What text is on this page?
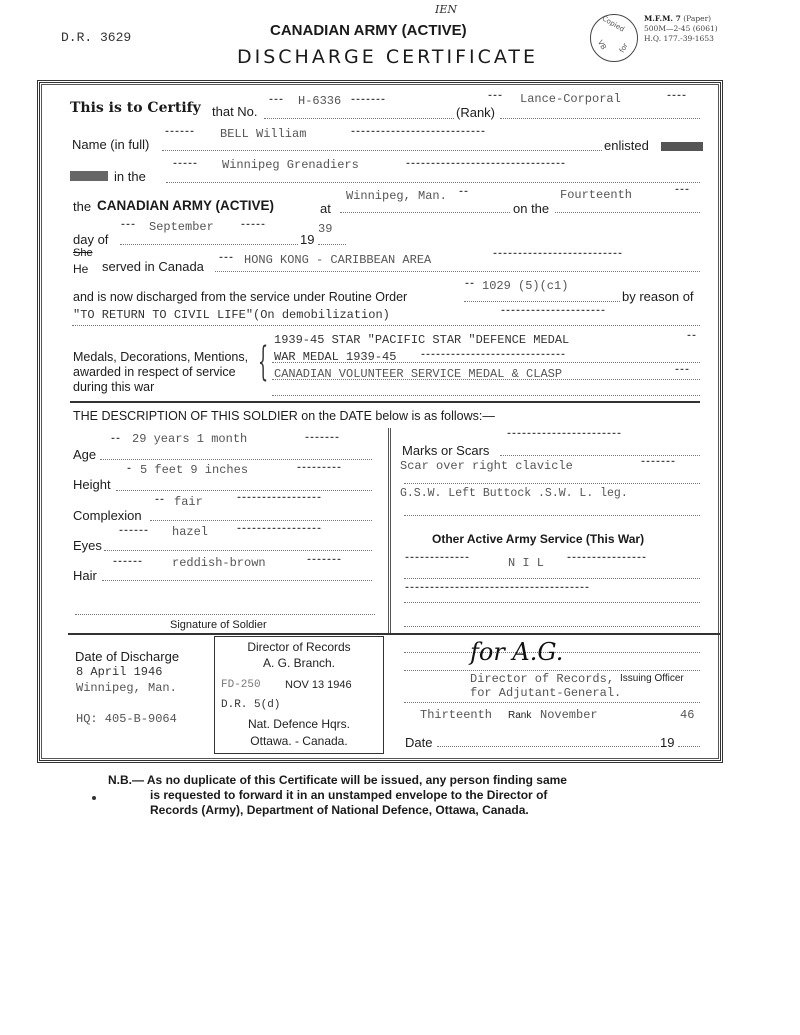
D.R. 3629	CANADIAN ARMY (ACTIVE)
DISCHARGE CERTIFICATE
IEN
Copied
for
VB
M.F.M. 7 (Paper)
500M—2-45 (6061)
H.Q. 177.-39-1653
This is to Certify that No.
--- H-6336 -------
(Rank)
--- Lance-Corporal	----
Name (in full)
------ BELL William	---------------------------
enlisted
in the
----- Winnipeg Grenadiers	--------------------------------
the CANADIAN ARMY (ACTIVE)	at
Winnipeg, Man. --
on the
Fourteenth	---
day of
--- September	-----
19
39
She
He served in Canada
--- HONG KONG - CARIBBEAN AREA	--------------------------
and is now discharged from the service under Routine Order
-- 1029 (5)(c1)
by reason of
"TO RETURN TO CIVIL LIFE"(On demobilization)	---------------------
Medals, Decorations, Mentions,
awarded in respect of service
during this war
{ 1939-45 STAR "PACIFIC STAR "DEFENCE MEDAL	--
WAR MEDAL 1939-45 -----------------------------
CANADIAN VOLUNTEER SERVICE MEDAL & CLASP	---
THE DESCRIPTION OF THIS SOLDIER on the DATE below is as follows:—
Age
-- 29 years 1 month	-------
Height
- 5 feet 9 inches	---------
Complexion
-- fair	-----------------
Eyes
------ hazel	-----------------
Hair
------ reddish-brown	-------
-----------------------
Marks or Scars
Scar over right clavicle	-------
G.S.W. Left Buttock .S.W. L. leg.
Other Active Army Service (This War)
-------------	N I L ----------------
-------------------------------------
Signature of Soldier
Date of Discharge
8 April 1946
Winnipeg, Man.
HQ: 405-B-9064
Director of Records
A. G. Branch.
FD-250 NOV 13 1946
D.R. 5(d)
Nat. Defence Hqrs.
Ottawa. - Canada.
for A.G.
Director of Records,
for Adjutant-General.
Issuing Officer
Thirteenth Rank November	46
Date	19
N.B.— As no duplicate of this Certificate will be issued, any person finding same
is requested to forward it in an unstamped envelope to the Director of
Records (Army), Department of National Defence, Ottawa, Canada.
